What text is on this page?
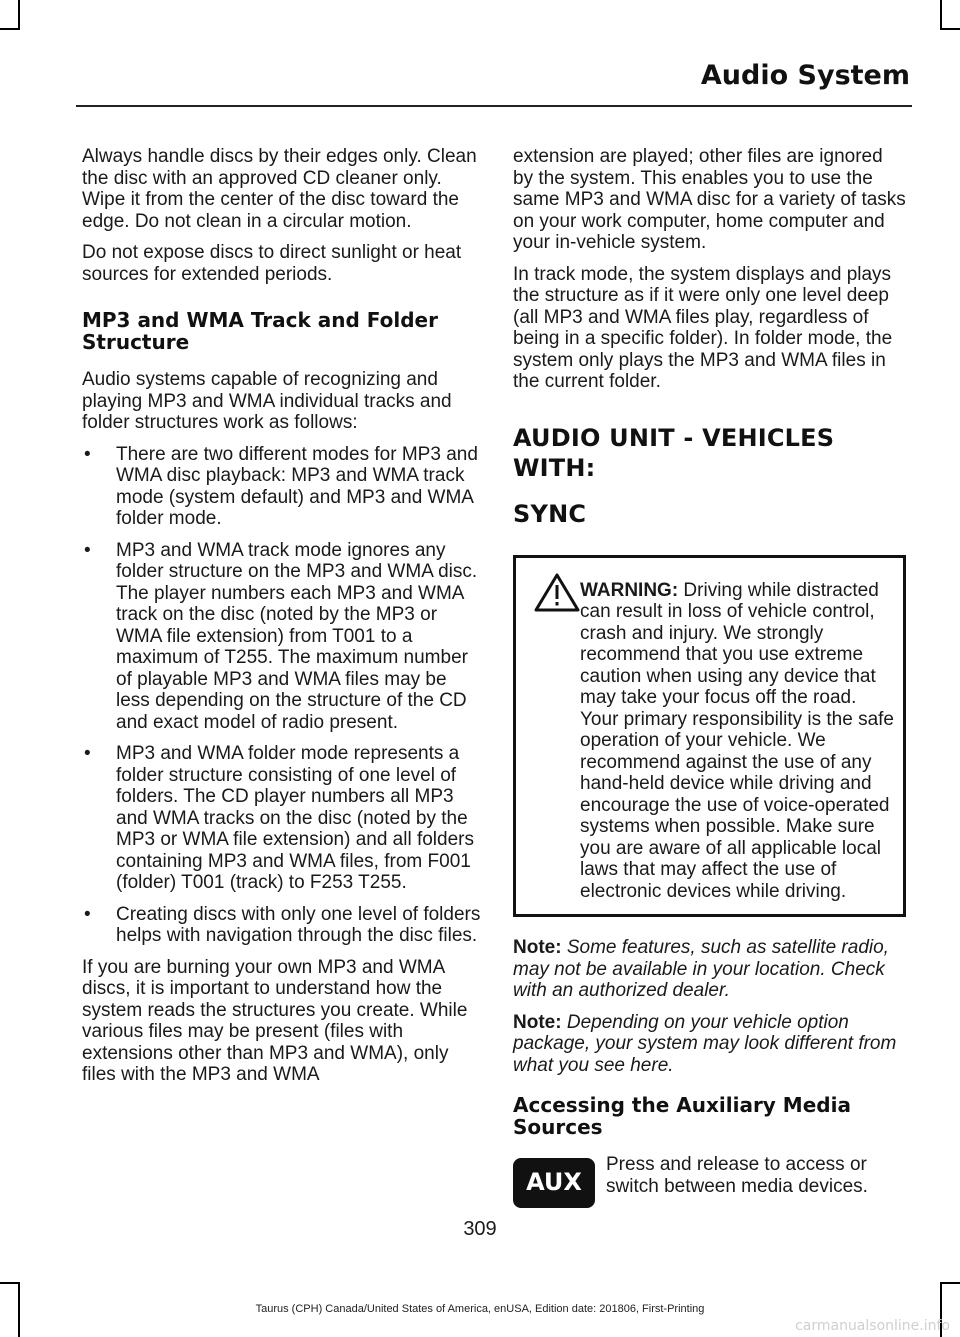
Audio System

Always handle discs by their edges only. Clean the disc with an approved CD cleaner only. Wipe it from the center of the disc toward the edge. Do not clean in a circular motion.

Do not expose discs to direct sunlight or heat sources for extended periods.

MP3 and WMA Track and Folder Structure

Audio systems capable of recognizing and playing MP3 and WMA individual tracks and folder structures work as follows:

• There are two different modes for MP3 and WMA disc playback: MP3 and WMA track mode (system default) and MP3 and WMA folder mode.
• MP3 and WMA track mode ignores any folder structure on the MP3 and WMA disc. The player numbers each MP3 and WMA track on the disc (noted by the MP3 or WMA file extension) from T001 to a maximum of T255. The maximum number of playable MP3 and WMA files may be less depending on the structure of the CD and exact model of radio present.
• MP3 and WMA folder mode represents a folder structure consisting of one level of folders. The CD player numbers all MP3 and WMA tracks on the disc (noted by the MP3 or WMA file extension) and all folders containing MP3 and WMA files, from F001 (folder) T001 (track) to F253 T255.
• Creating discs with only one level of folders helps with navigation through the disc files.

If you are burning your own MP3 and WMA discs, it is important to understand how the system reads the structures you create. While various files may be present (files with extensions other than MP3 and WMA), only files with the MP3 and WMA

extension are played; other files are ignored by the system. This enables you to use the same MP3 and WMA disc for a variety of tasks on your work computer, home computer and your in-vehicle system.

In track mode, the system displays and plays the structure as if it were only one level deep (all MP3 and WMA files play, regardless of being in a specific folder). In folder mode, the system only plays the MP3 and WMA files in the current folder.

AUDIO UNIT - VEHICLES WITH:
SYNC
WARNING: Driving while distracted can result in loss of vehicle control, crash and injury. We strongly recommend that you use extreme caution when using any device that may take your focus off the road. Your primary responsibility is the safe operation of your vehicle. We recommend against the use of any hand-held device while driving and encourage the use of voice-operated systems when possible. Make sure you are aware of all applicable local laws that may affect the use of electronic devices while driving.

Note: Some features, such as satellite radio, may not be available in your location. Check with an authorized dealer.

Note: Depending on your vehicle option package, your system may look different from what you see here.

Accessing the Auxiliary Media Sources
AUX
Press and release to access or switch between media devices.
309
Taurus (CPH) Canada/United States of America, enUSA, Edition date: 201806, First-Printing
carmanualsonline.info
